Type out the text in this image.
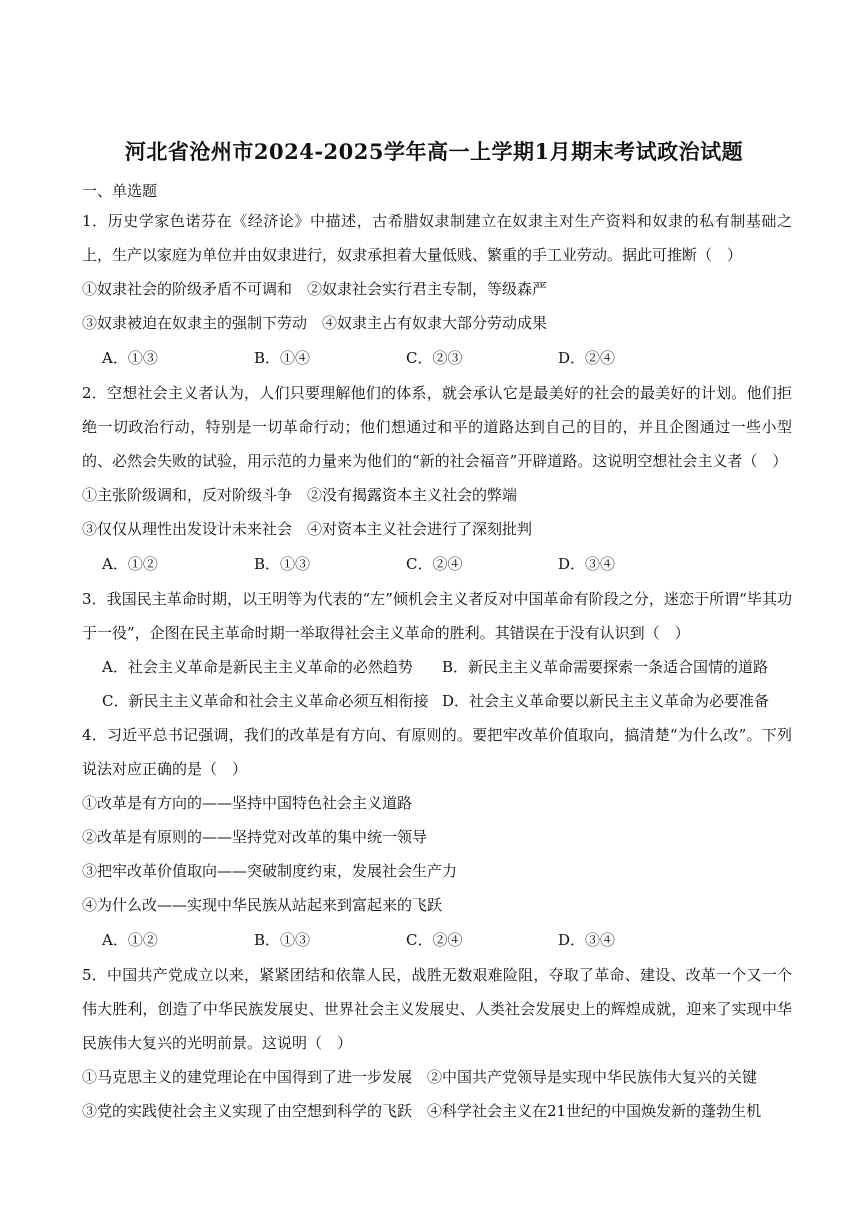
河北省沧州市2024-2025学年高一上学期1月期末考试政治试题
一、单选题
1．历史学家色诺芬在《经济论》中描述，古希腊奴隶制建立在奴隶主对生产资料和奴隶的私有制基础之上，生产以家庭为单位并由奴隶进行，奴隶承担着大量低贱、繁重的手工业劳动。据此可推断（　）
①奴隶社会的阶级矛盾不可调和　②奴隶社会实行君主专制，等级森严
③奴隶被迫在奴隶主的强制下劳动　④奴隶主占有奴隶大部分劳动成果
A．①③	B．①④	C．②③	D．②④
2．空想社会主义者认为，人们只要理解他们的体系，就会承认它是最美好的社会的最美好的计划。他们拒绝一切政治行动，特别是一切革命行动；他们想通过和平的道路达到自己的目的，并且企图通过一些小型的、必然会失败的试验，用示范的力量来为他们的“新的社会福音”开辟道路。这说明空想社会主义者（　）
①主张阶级调和，反对阶级斗争　②没有揭露资本主义社会的弊端
③仅仅从理性出发设计未来社会　④对资本主义社会进行了深刻批判
A．①②	B．①③	C．②④	D．③④
3．我国民主革命时期，以王明等为代表的“左”倾机会主义者反对中国革命有阶段之分，迷恋于所谓“毕其功于一役”，企图在民主革命时期一举取得社会主义革命的胜利。其错误在于没有认识到（　）
A．社会主义革命是新民主主义革命的必然趋势	B．新民主主义革命需要探索一条适合国情的道路
C．新民主主义革命和社会主义革命必须互相衔接 D．社会主义革命要以新民主主义革命为必要准备
4．习近平总书记强调，我们的改革是有方向、有原则的。要把牢改革价值取向，搞清楚“为什么改”。下列说法对应正确的是（　）
①改革是有方向的——坚持中国特色社会主义道路
②改革是有原则的——坚持党对改革的集中统一领导
③把牢改革价值取向——突破制度约束，发展社会生产力
④为什么改——实现中华民族从站起来到富起来的飞跃
A．①②	B．①③	C．②④	D．③④
5．中国共产党成立以来，紧紧团结和依靠人民，战胜无数艰难险阻，夺取了革命、建设、改革一个又一个伟大胜利，创造了中华民族发展史、世界社会主义发展史、人类社会发展史上的辉煌成就，迎来了实现中华民族伟大复兴的光明前景。这说明（　）
①马克思主义的建党理论在中国得到了进一步发展　②中国共产党领导是实现中华民族伟大复兴的关键
③党的实践使社会主义实现了由空想到科学的飞跃　④科学社会主义在21世纪的中国焕发新的蓬勃生机
